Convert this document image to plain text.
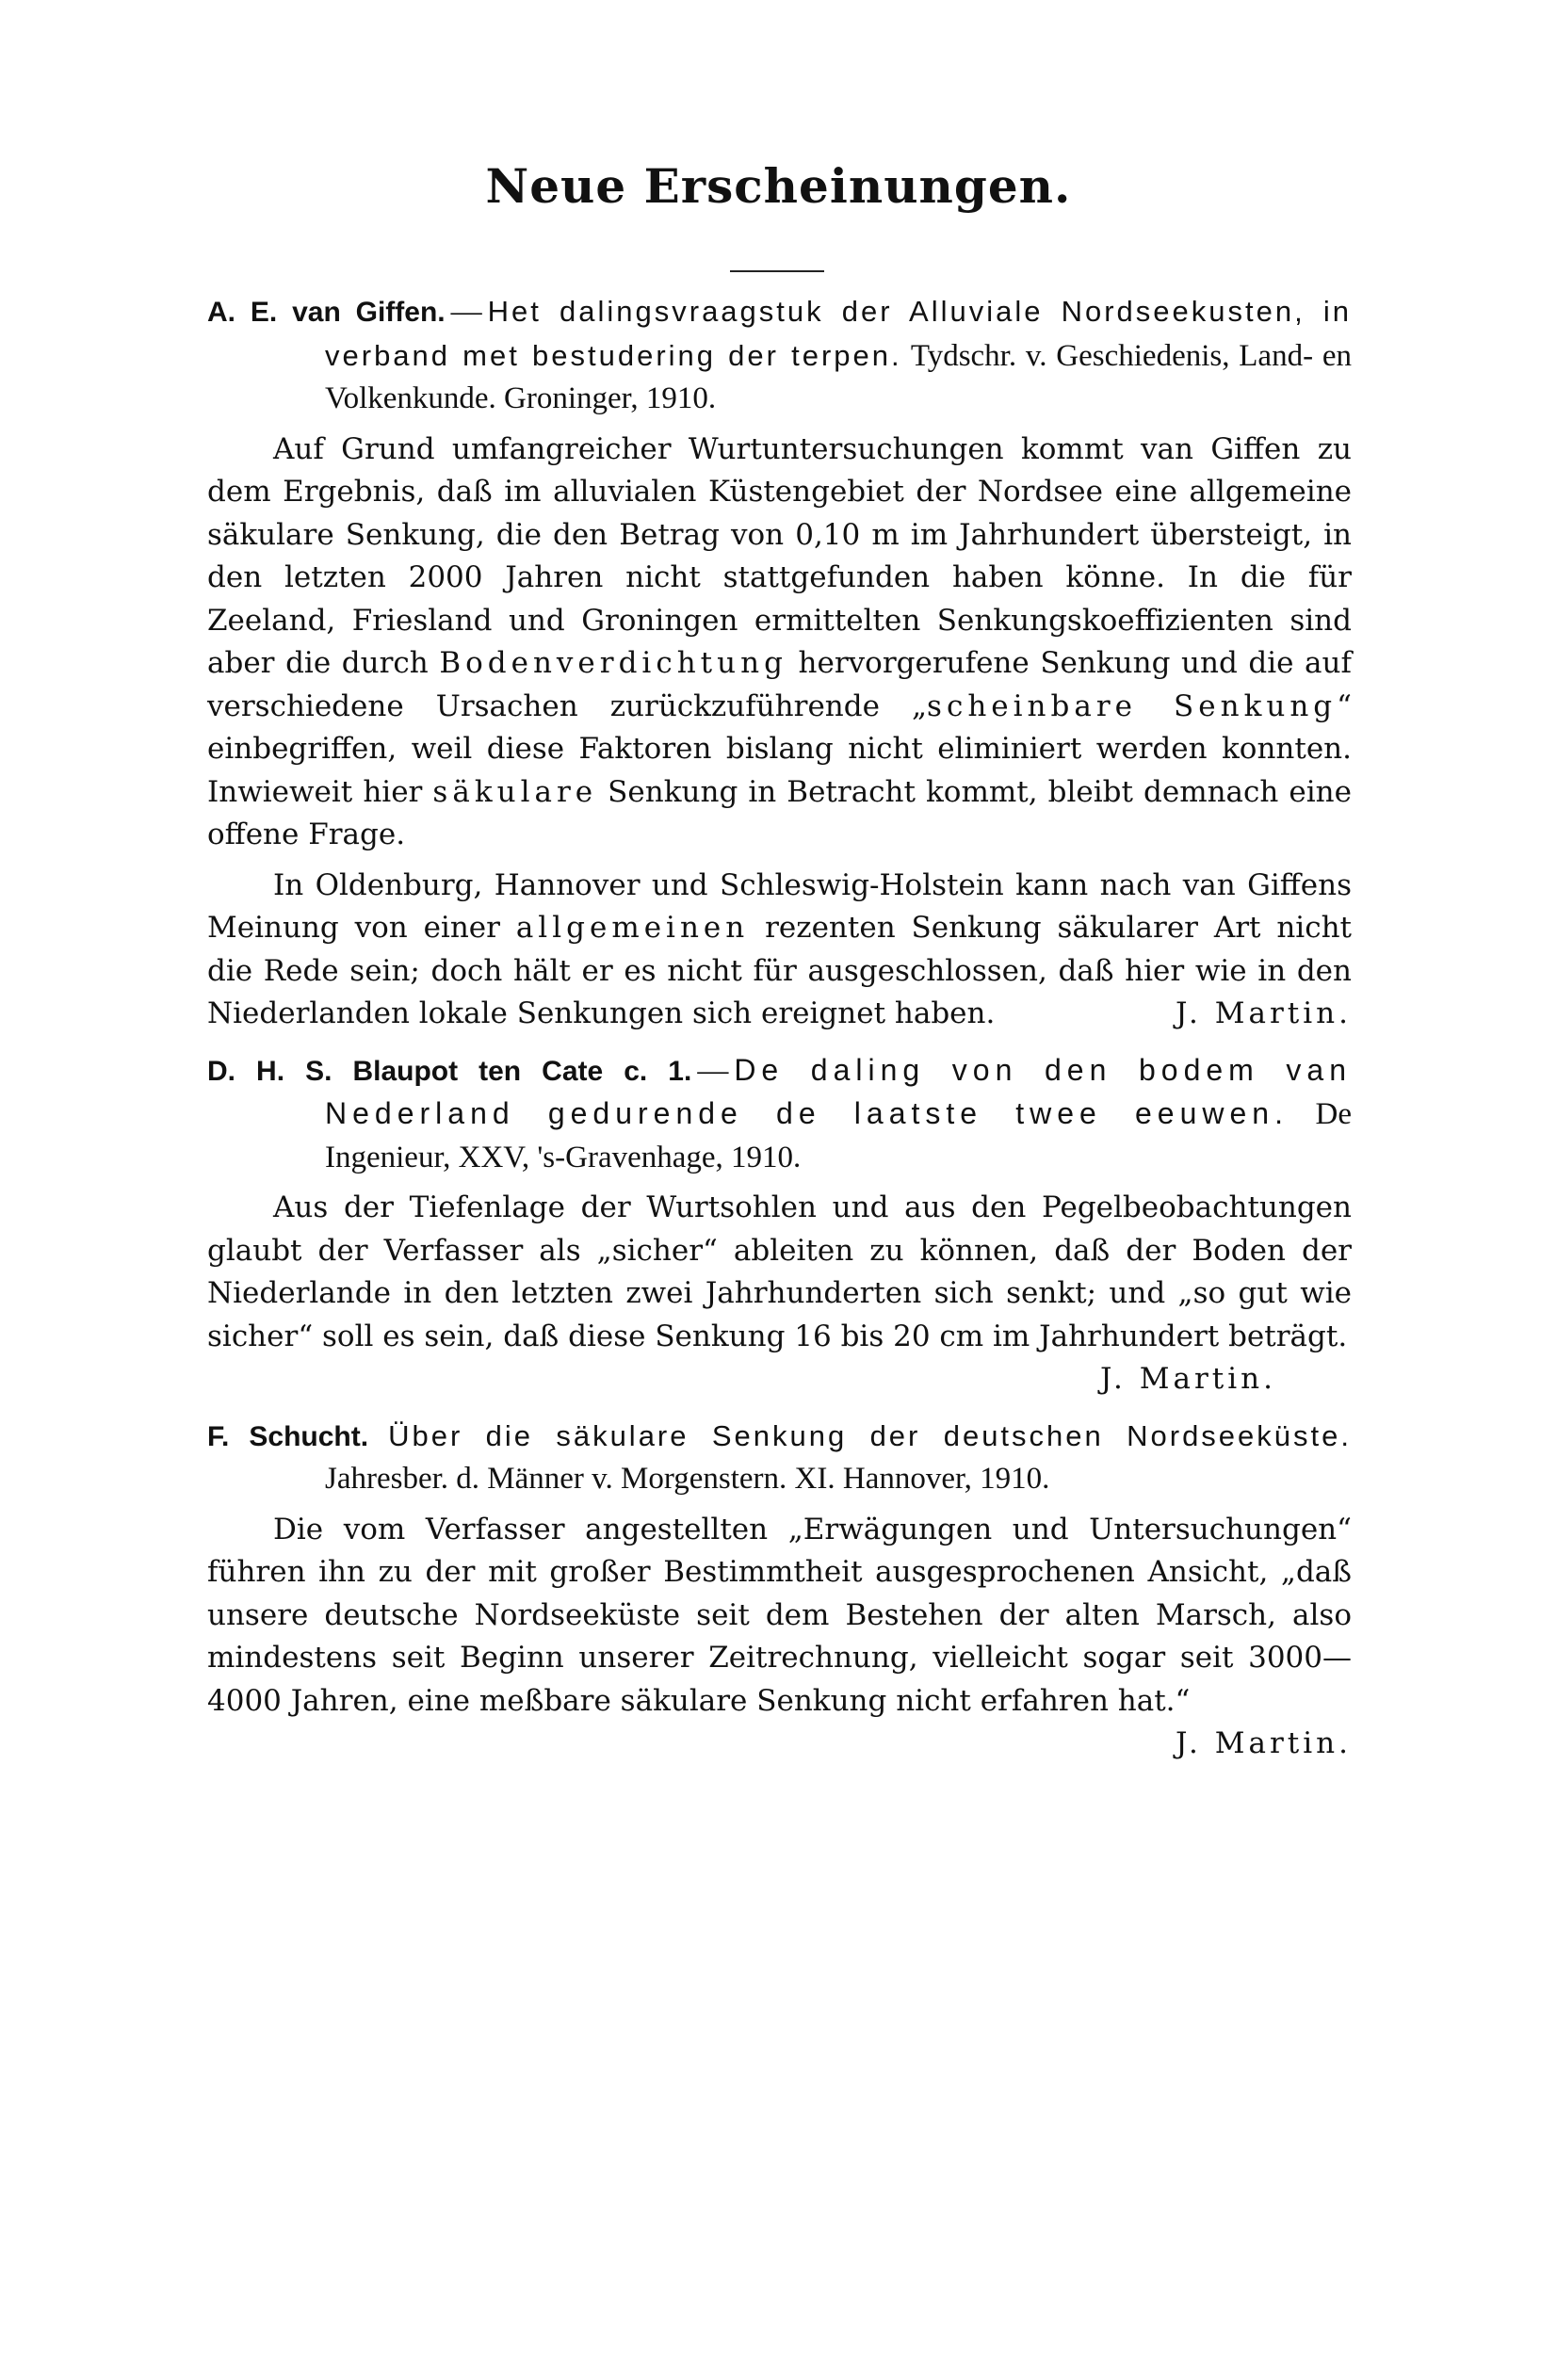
Neue Erscheinungen.
A. E. van Giffen. — Het dalingsvraagstuk der Alluviale Nordseekusten, in verband met bestudering der terpen. Tydschr. v. Geschiedenis, Land- en Volkenkunde. Groninger, 1910.

Auf Grund umfangreicher Wurtuntersuchungen kommt van Giffen zu dem Ergebnis, daß im alluvialen Küstengebiet der Nordsee eine allgemeine säkulare Senkung, die den Betrag von 0,10 m im Jahrhundert übersteigt, in den letzten 2000 Jahren nicht stattgefunden haben könne. In die für Zeeland, Friesland und Groningen ermittelten Senkungskoeffizienten sind aber die durch Bodenverdichtung hervorgerufene Senkung und die auf verschiedene Ursachen zurückzuführende „scheinbare Senkung“ einbegriffen, weil diese Faktoren bislang nicht eliminiert werden konnten. Inwieweit hier säkulare Senkung in Betracht kommt, bleibt demnach eine offene Frage.

In Oldenburg, Hannover und Schleswig-Holstein kann nach van Giffens Meinung von einer allgemeinen rezenten Senkung säkularer Art nicht die Rede sein; doch hält er es nicht für ausgeschlossen, daß hier wie in den Niederlanden lokale Senkungen sich ereignet haben.	J. Martin.

D. H. S. Blaupot ten Cate c. 1. — De daling von den bodem van Nederland gedurende de laatste twee eeuwen. De Ingenieur, XXV, 's-Gravenhage, 1910.

Aus der Tiefenlage der Wurtsohlen und aus den Pegelbeobachtungen glaubt der Verfasser als „sicher“ ableiten zu können, daß der Boden der Niederlande in den letzten zwei Jahrhunderten sich senkt; und „so gut wie sicher“ soll es sein, daß diese Senkung 16 bis 20 cm im Jahrhundert beträgt.

J. Martin.
F. Schucht. Über die säkulare Senkung der deutschen Nordseeküste. Jahresber. d. Männer v. Morgenstern. XI. Hannover, 1910.

Die vom Verfasser angestellten „Erwägungen und Untersuchungen“ führen ihn zu der mit großer Bestimmtheit ausgesprochenen Ansicht, „daß unsere deutsche Nordseeküste seit dem Bestehen der alten Marsch, also mindestens seit Beginn unserer Zeitrechnung, vielleicht sogar seit 3000—4000 Jahren, eine meßbare säkulare Senkung nicht erfahren hat.“
J. Martin.
